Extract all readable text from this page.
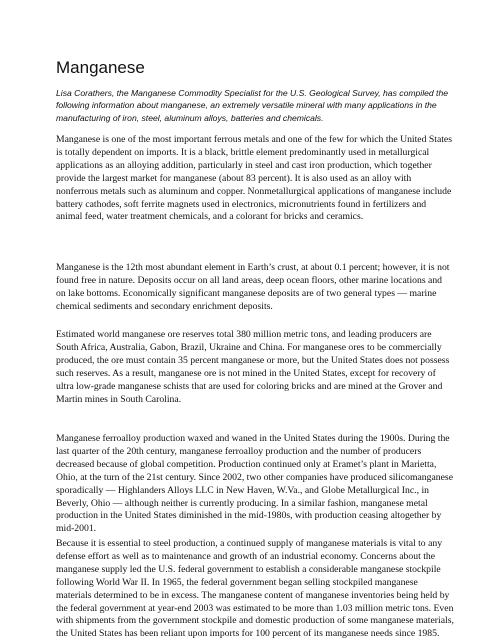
Manganese

Lisa Corathers, the Manganese Commodity Specialist for the U.S. Geological Survey, has compiled the following information about manganese, an extremely versatile mineral with many applications in the manufacturing of iron, steel, aluminum alloys, batteries and chemicals.

Manganese is one of the most important ferrous metals and one of the few for which the United States is totally dependent on imports. It is a black, brittle element predominantly used in metallurgical applications as an alloying addition, particularly in steel and cast iron production, which together provide the largest market for manganese (about 83 percent). It is also used as an alloy with nonferrous metals such as aluminum and copper. Nonmetallurgical applications of manganese include battery cathodes, soft ferrite magnets used in electronics, micronutrients found in fertilizers and animal feed, water treatment chemicals, and a colorant for bricks and ceramics.

Manganese is the 12th most abundant element in Earth’s crust, at about 0.1 percent; however, it is not found free in nature. Deposits occur on all land areas, deep ocean floors, other marine locations and on lake bottoms. Economically significant manganese deposits are of two general types — marine chemical sediments and secondary enrichment deposits.

Estimated world manganese ore reserves total 380 million metric tons, and leading producers are South Africa, Australia, Gabon, Brazil, Ukraine and China. For manganese ores to be commercially produced, the ore must contain 35 percent manganese or more, but the United States does not possess such reserves. As a result, manganese ore is not mined in the United States, except for recovery of ultra low-grade manganese schists that are used for coloring bricks and are mined at the Grover and Martin mines in South Carolina.

Manganese ferroalloy production waxed and waned in the United States during the 1900s. During the last quarter of the 20th century, manganese ferroalloy production and the number of producers decreased because of global competition. Production continued only at Eramet’s plant in Marietta, Ohio, at the turn of the 21st century. Since 2002, two other companies have produced silicomanganese sporadically — Highlanders Alloys LLC in New Haven, W.Va., and Globe Metallurgical Inc., in Beverly, Ohio — although neither is currently producing. In a similar fashion, manganese metal production in the United States diminished in the mid-1980s, with production ceasing altogether by mid-2001.

Because it is essential to steel production, a continued supply of manganese materials is vital to any defense effort as well as to maintenance and growth of an industrial economy. Concerns about the manganese supply led the U.S. federal government to establish a considerable manganese stockpile following World War II. In 1965, the federal government began selling stockpiled manganese materials determined to be in excess. The manganese content of manganese inventories being held by the federal government at year-end 2003 was estimated to be more than 1.03 million metric tons. Even with shipments from the government stockpile and domestic production of some manganese materials, the United States has been reliant upon imports for 100 percent of its manganese needs since 1985.
